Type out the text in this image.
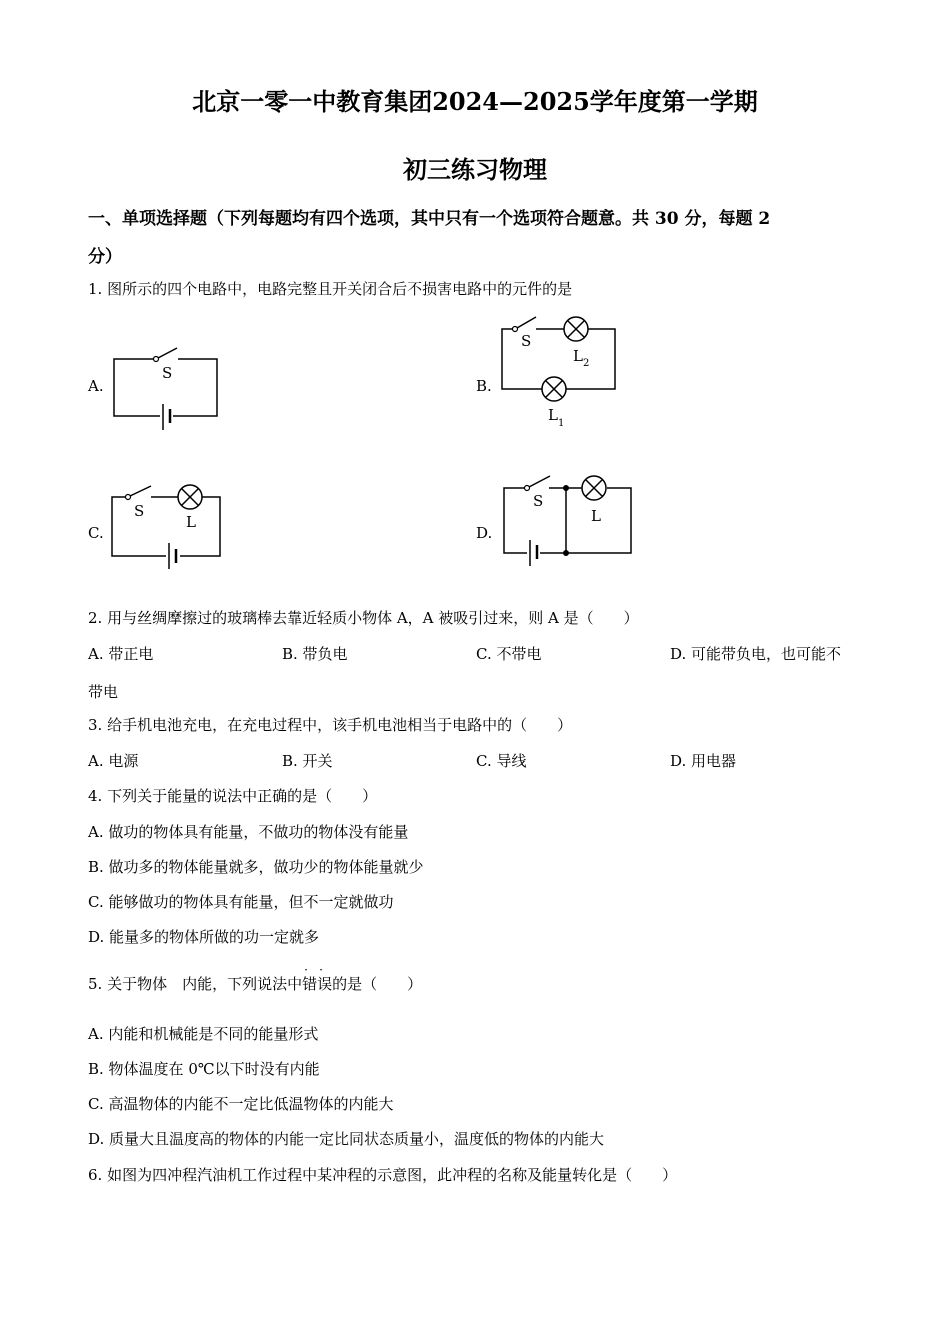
北京一零一中教育集团2024—2025学年度第一学期
初三练习物理
一、单项选择题（下列每题均有四个选项，其中只有一个选项符合题意。共 30 分，每题 2
分）
1. 图所示的四个电路中，电路完整且开关闭合后不损害电路中的元件的是
A.	B.
C.	D.
S
S
L 2
L 1
S
L
S
L
2. 用与丝绸摩擦过的玻璃棒去靠近轻质小物体 A，A 被吸引过来，则 A 是（　　）
A. 带正电	B. 带负电	C. 不带电	D. 可能带负电，也可能不
带电
3. 给手机电池充电，在充电过程中，该手机电池相当于电路中的（　　）
A. 电源	B. 开关	C. 导线	D. 用电器
4. 下列关于能量的说法中正确的是（　　）
A. 做功的物体具有能量，不做功的物体没有能量
B. 做功多的物体能量就多，做功少的物体能量就少
C. 能够做功的物体具有能量，但不一定就做功
D. 能量多的物体所做的功一定就多
5. 关于物体　内能，下列说法中
·
错
·
误的是（　　）
A. 内能和机械能是不同的能量形式
B. 物体温度在 0℃以下时没有内能
C. 高温物体的内能不一定比低温物体的内能大
D. 质量大且温度高的物体的内能一定比同状态质量小，温度低的物体的内能大
6. 如图为四冲程汽油机工作过程中某冲程的示意图，此冲程的名称及能量转化是（　　）
